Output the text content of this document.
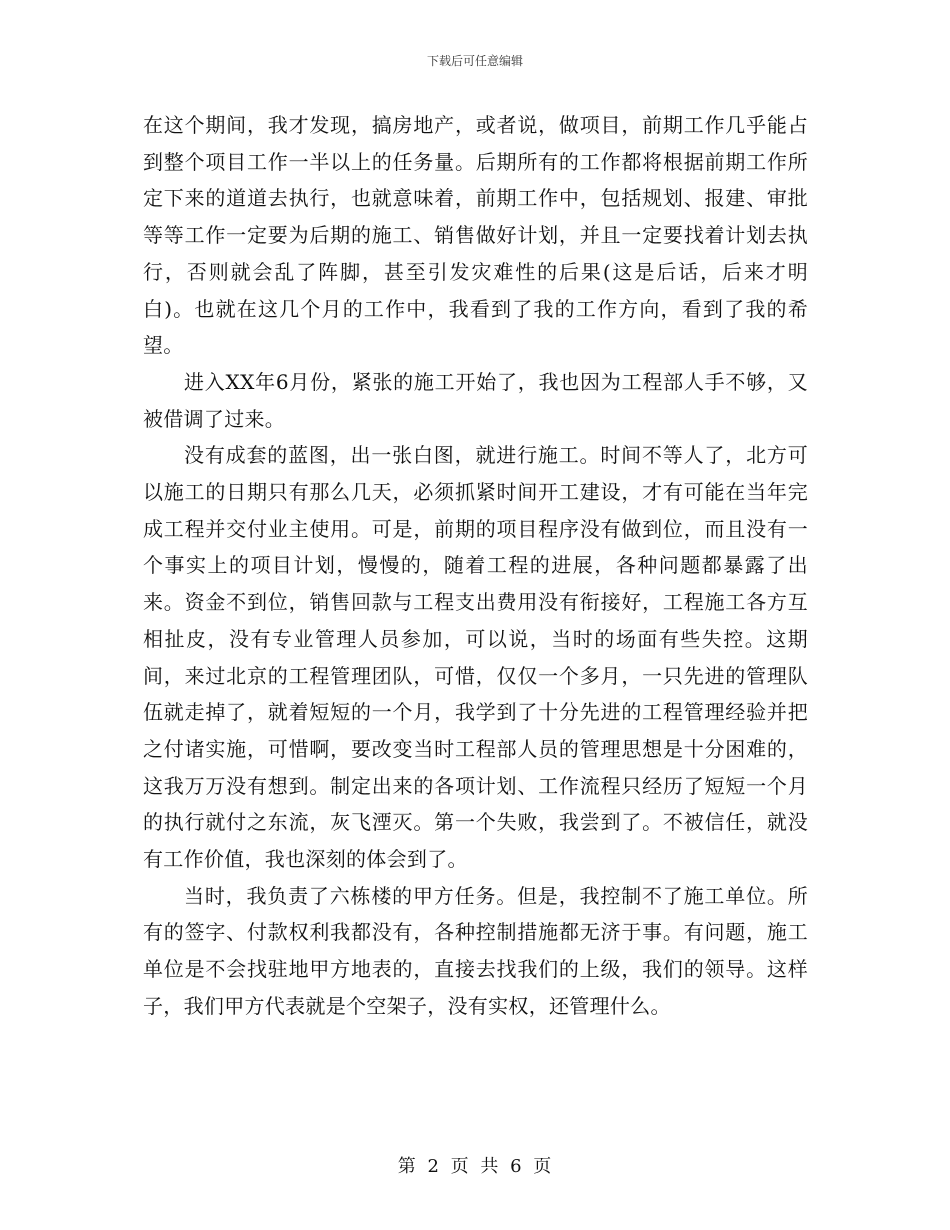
下载后可任意编辑

在这个期间，我才发现，搞房地产，或者说，做项目，前期工作几乎能占到整个项目工作一半以上的任务量。后期所有的工作都将根据前期工作所定下来的道道去执行，也就意味着，前期工作中，包括规划、报建、审批等等工作一定要为后期的施工、销售做好计划，并且一定要找着计划去执行，否则就会乱了阵脚，甚至引发灾难性的后果(这是后话，后来才明白)。也就在这几个月的工作中，我看到了我的工作方向，看到了我的希望。

进入XX年6月份，紧张的施工开始了，我也因为工程部人手不够，又被借调了过来。

没有成套的蓝图，出一张白图，就进行施工。时间不等人了，北方可以施工的日期只有那么几天，必须抓紧时间开工建设，才有可能在当年完成工程并交付业主使用。可是，前期的项目程序没有做到位，而且没有一个事实上的项目计划，慢慢的，随着工程的进展，各种问题都暴露了出来。资金不到位，销售回款与工程支出费用没有衔接好，工程施工各方互相扯皮，没有专业管理人员参加，可以说，当时的场面有些失控。这期间，来过北京的工程管理团队，可惜，仅仅一个多月，一只先进的管理队伍就走掉了，就着短短的一个月，我学到了十分先进的工程管理经验并把之付诸实施，可惜啊，要改变当时工程部人员的管理思想是十分困难的，这我万万没有想到。制定出来的各项计划、工作流程只经历了短短一个月的执行就付之东流，灰飞湮灭。第一个失败，我尝到了。不被信任，就没有工作价值，我也深刻的体会到了。

当时，我负责了六栋楼的甲方任务。但是，我控制不了施工单位。所有的签字、付款权利我都没有，各种控制措施都无济于事。有问题，施工单位是不会找驻地甲方地表的，直接去找我们的上级，我们的领导。这样子，我们甲方代表就是个空架子，没有实权，还管理什么。

第 2 页 共 6 页
